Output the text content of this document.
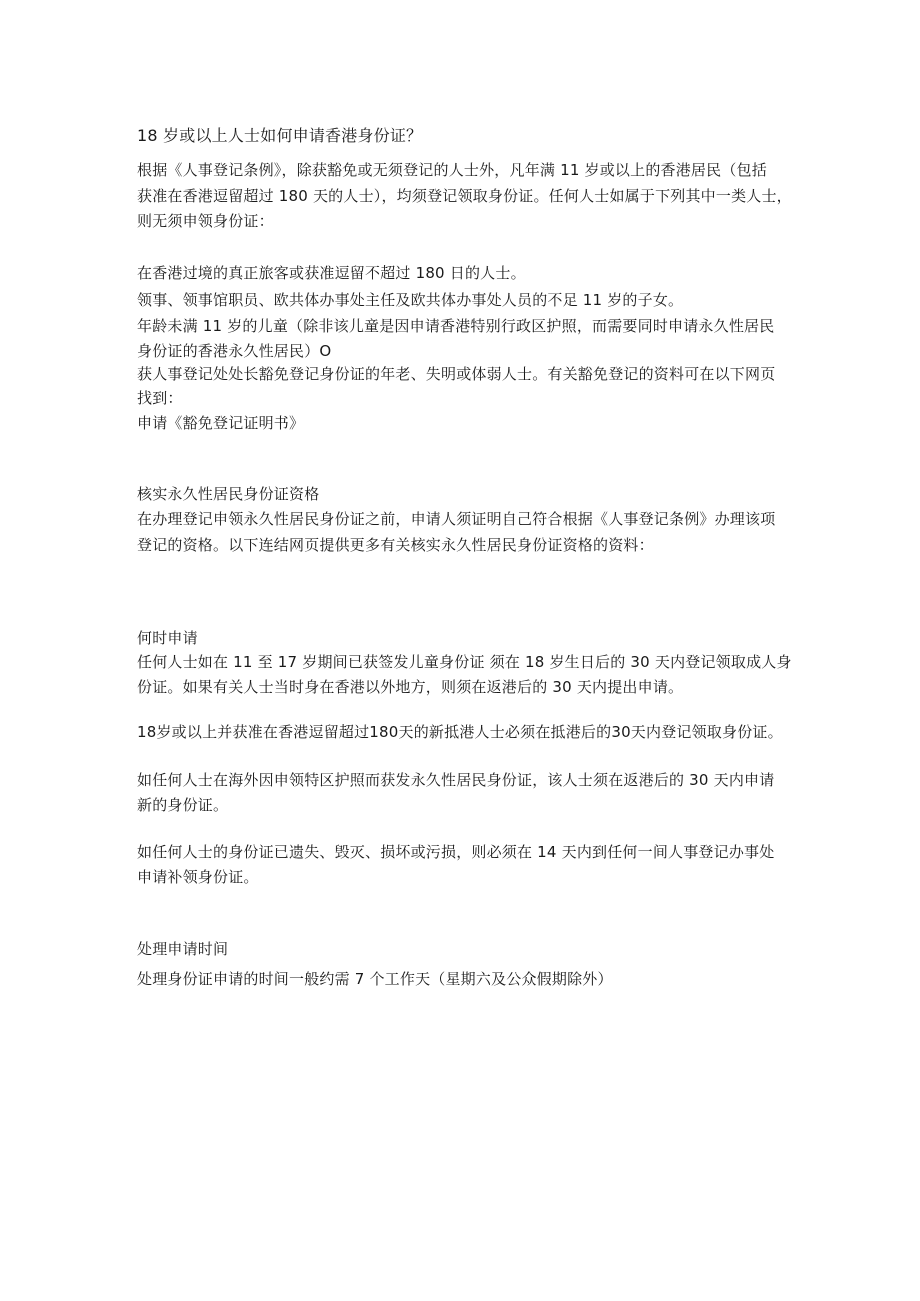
18 岁或以上人士如何申请香港身份证？

根据《人事登记条例》，除获豁免或无须登记的人士外，凡年满 11 岁或以上的香港居民（包括

获准在香港逗留超过 180 天的人士），均须登记领取身份证。任何人士如属于下列其中一类人士，

则无须申领身份证：

在香港过境的真正旅客或获准逗留不超过 180 日的人士。

领事、领事馆职员、欧共体办事处主任及欧共体办事处人员的不足 11 岁的子女。

年龄未满 11 岁的儿童（除非该儿童是因申请香港特别行政区护照，而需要同时申请永久性居民

身份证的香港永久性居民）O

获人事登记处处长豁免登记身份证的年老、失明或体弱人士。有关豁免登记的资料可在以下网页

找到：

申请《豁免登记证明书》

核实永久性居民身份证资格

在办理登记申领永久性居民身份证之前，申请人须证明自己符合根据《人事登记条例》办理该项

登记的资格。以下连结网页提供更多有关核实永久性居民身份证资格的资料：

何时申请

任何人士如在 11 至 17 岁期间已获签发儿童身份证 须在 18 岁生日后的 30 天内登记领取成人身

份证。如果有关人士当时身在香港以外地方，则须在返港后的 30 天内提出申请。

18岁或以上并获准在香港逗留超过180天的新抵港人士必须在抵港后的30天内登记领取身份证。

如任何人士在海外因申领特区护照而获发永久性居民身份证，该人士须在返港后的 30 天内申请

新的身份证。

如任何人士的身份证已遗失、毁灭、损坏或污损，则必须在 14 天内到任何一间人事登记办事处

申请补领身份证。

处理申请时间

处理身份证申请的时间一般约需 7 个工作天（星期六及公众假期除外）
